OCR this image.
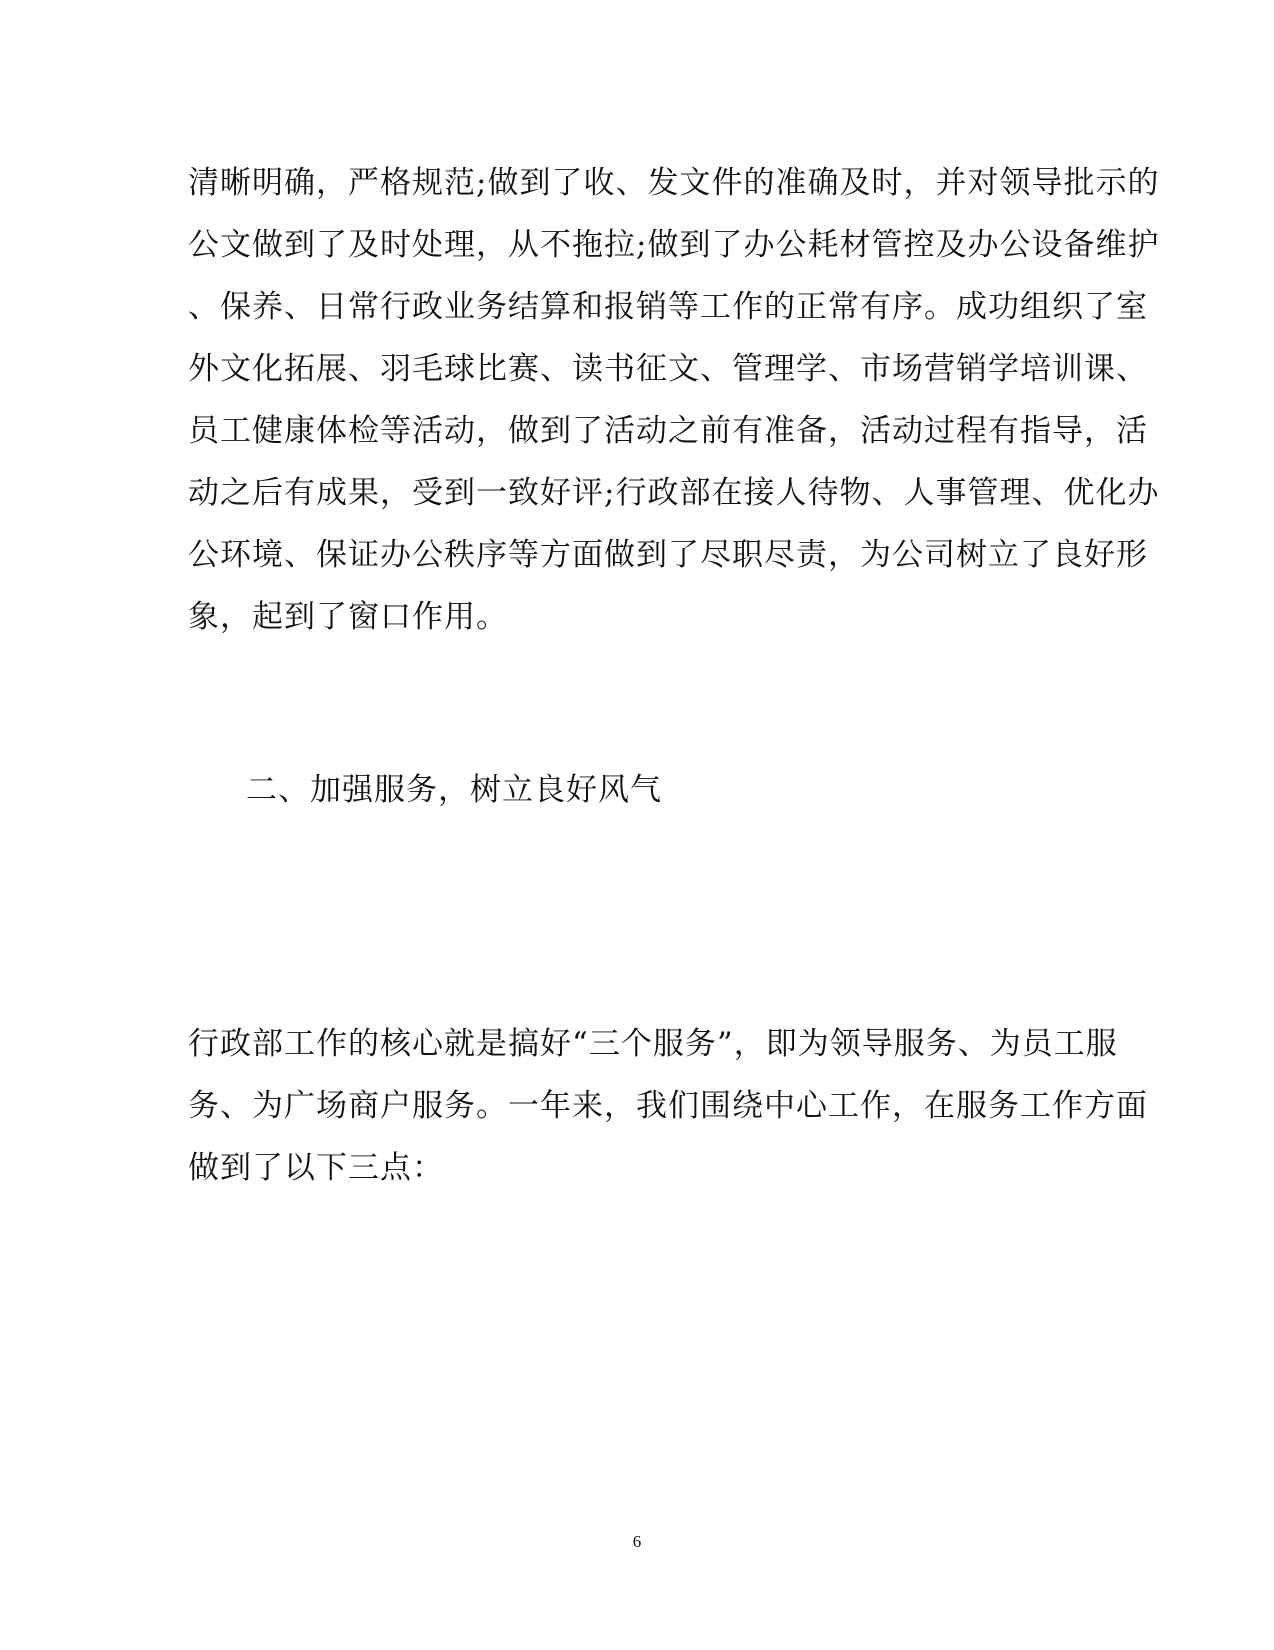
清晰明确，严格规范;做到了收、发文件的准确及时，并对领导批示的
公文做到了及时处理，从不拖拉;做到了办公耗材管控及办公设备维护
、保养、日常行政业务结算和报销等工作的正常有序。成功组织了室
外文化拓展、羽毛球比赛、读书征文、管理学、市场营销学培训课、
员工健康体检等活动，做到了活动之前有准备，活动过程有指导，活
动之后有成果，受到一致好评;行政部在接人待物、人事管理、优化办
公环境、保证办公秩序等方面做到了尽职尽责，为公司树立了良好形
象，起到了窗口作用。
二、加强服务，树立良好风气
行政部工作的核心就是搞好“三个服务”，即为领导服务、为员工服
务、为广场商户服务。一年来，我们围绕中心工作，在服务工作方面
做到了以下三点：
6
